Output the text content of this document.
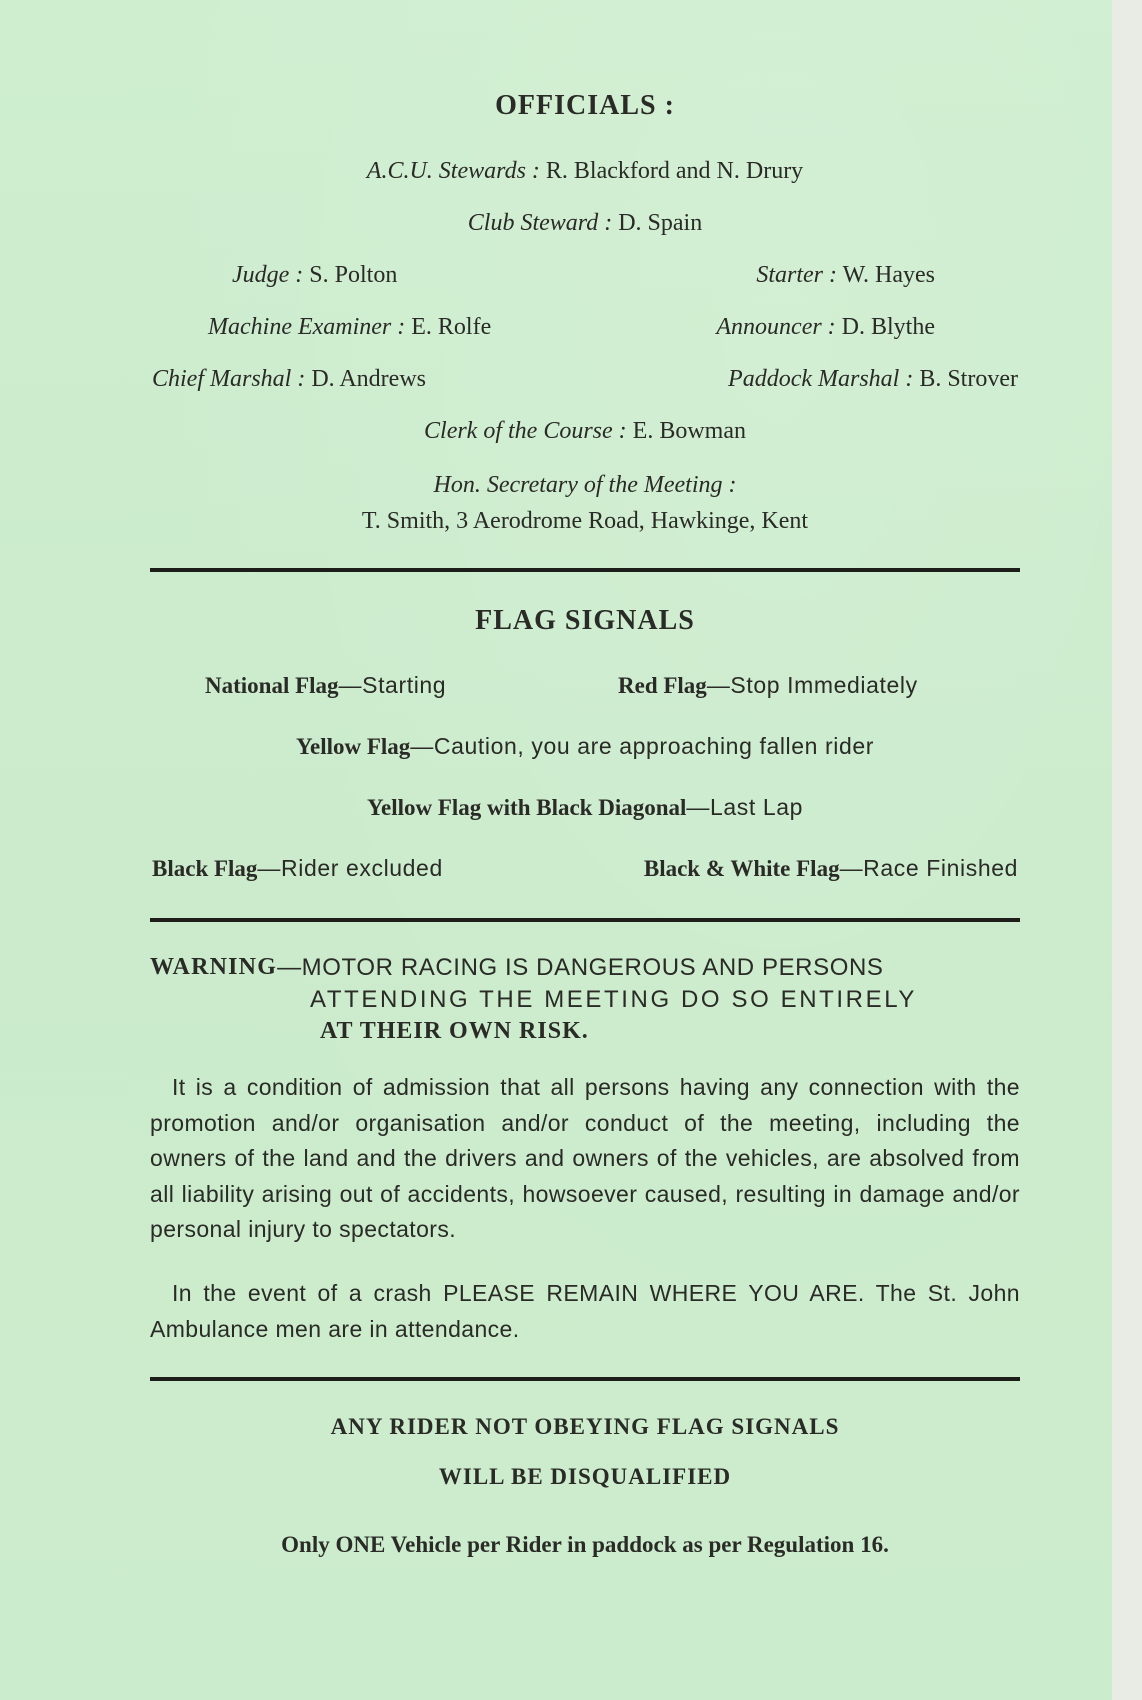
OFFICIALS :
A.C.U. Stewards : R. Blackford and N. Drury
Club Steward : D. Spain
Judge : S. Polton	Starter : W. Hayes
Machine Examiner : E. Rolfe	Announcer : D. Blythe
Chief Marshal : D. Andrews	Paddock Marshal : B. Strover
Clerk of the Course : E. Bowman
Hon. Secretary of the Meeting :
T. Smith, 3 Aerodrome Road, Hawkinge, Kent
FLAG SIGNALS
National Flag—Starting	Red Flag—Stop Immediately
Yellow Flag—Caution, you are approaching fallen rider
Yellow Flag with Black Diagonal—Last Lap
Black Flag—Rider excluded	Black & White Flag—Race Finished
WARNING —MOTOR RACING IS DANGEROUS AND PERSONS
ATTENDING THE MEETING DO SO ENTIRELY
AT THEIR OWN RISK.

It is a condition of admission that all persons having any connection with the promotion and/or organisation and/or conduct of the meeting, including the owners of the land and the drivers and owners of the vehicles, are absolved from all liability arising out of accidents, howsoever caused, resulting in damage and/or personal injury to spectators.

In the event of a crash PLEASE REMAIN WHERE YOU ARE. The St. John Ambulance men are in attendance.

ANY RIDER NOT OBEYING FLAG SIGNALS
WILL BE DISQUALIFIED
Only ONE Vehicle per Rider in paddock as per Regulation 16.
